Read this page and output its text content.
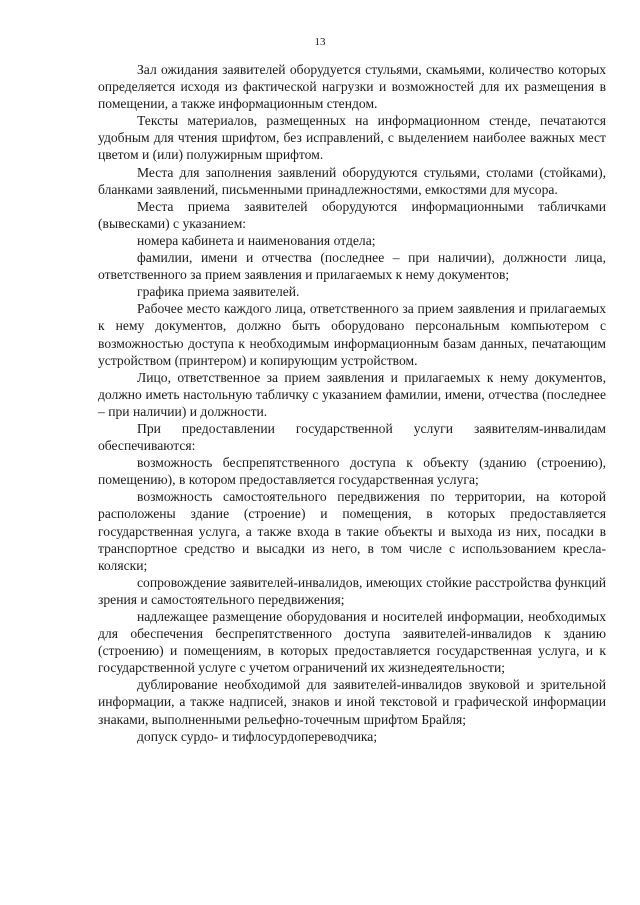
13

Зал ожидания заявителей оборудуется стульями, скамьями, количество которых определяется исходя из фактической нагрузки и возможностей для их размещения в помещении, а также информационным стендом.

Тексты материалов, размещенных на информационном стенде, печатаются удобным для чтения шрифтом, без исправлений, с выделением наиболее важных мест цветом и (или) полужирным шрифтом.

Места для заполнения заявлений оборудуются стульями, столами (стойками), бланками заявлений, письменными принадлежностями, емкостями для мусора.

Места приема заявителей оборудуются информационными табличками (вывесками) с указанием:

номера кабинета и наименования отдела;

фамилии, имени и отчества (последнее – при наличии), должности лица, ответственного за прием заявления и прилагаемых к нему документов;

графика приема заявителей.

Рабочее место каждого лица, ответственного за прием заявления и прилагаемых к нему документов, должно быть оборудовано персональным компьютером с возможностью доступа к необходимым информационным базам данных, печатающим устройством (принтером) и копирующим устройством.

Лицо, ответственное за прием заявления и прилагаемых к нему документов, должно иметь настольную табличку с указанием фамилии, имени, отчества (последнее – при наличии) и должности.

При предоставлении государственной услуги заявителям-инвалидам обеспечиваются:

возможность беспрепятственного доступа к объекту (зданию (строению), помещению), в котором предоставляется государственная услуга;

возможность самостоятельного передвижения по территории, на которой расположены здание (строение) и помещения, в которых предоставляется государственная услуга, а также входа в такие объекты и выхода из них, посадки в транспортное средство и высадки из него, в том числе с использованием кресла-коляски;

сопровождение заявителей-инвалидов, имеющих стойкие расстройства функций зрения и самостоятельного передвижения;

надлежащее размещение оборудования и носителей информации, необходимых для обеспечения беспрепятственного доступа заявителей-инвалидов к зданию (строению) и помещениям, в которых предоставляется государственная услуга, и к государственной услуге с учетом ограничений их жизнедеятельности;

дублирование необходимой для заявителей-инвалидов звуковой и зрительной информации, а также надписей, знаков и иной текстовой и графической информации знаками, выполненными рельефно-точечным шрифтом Брайля;

допуск сурдо- и тифлосурдопереводчика;
